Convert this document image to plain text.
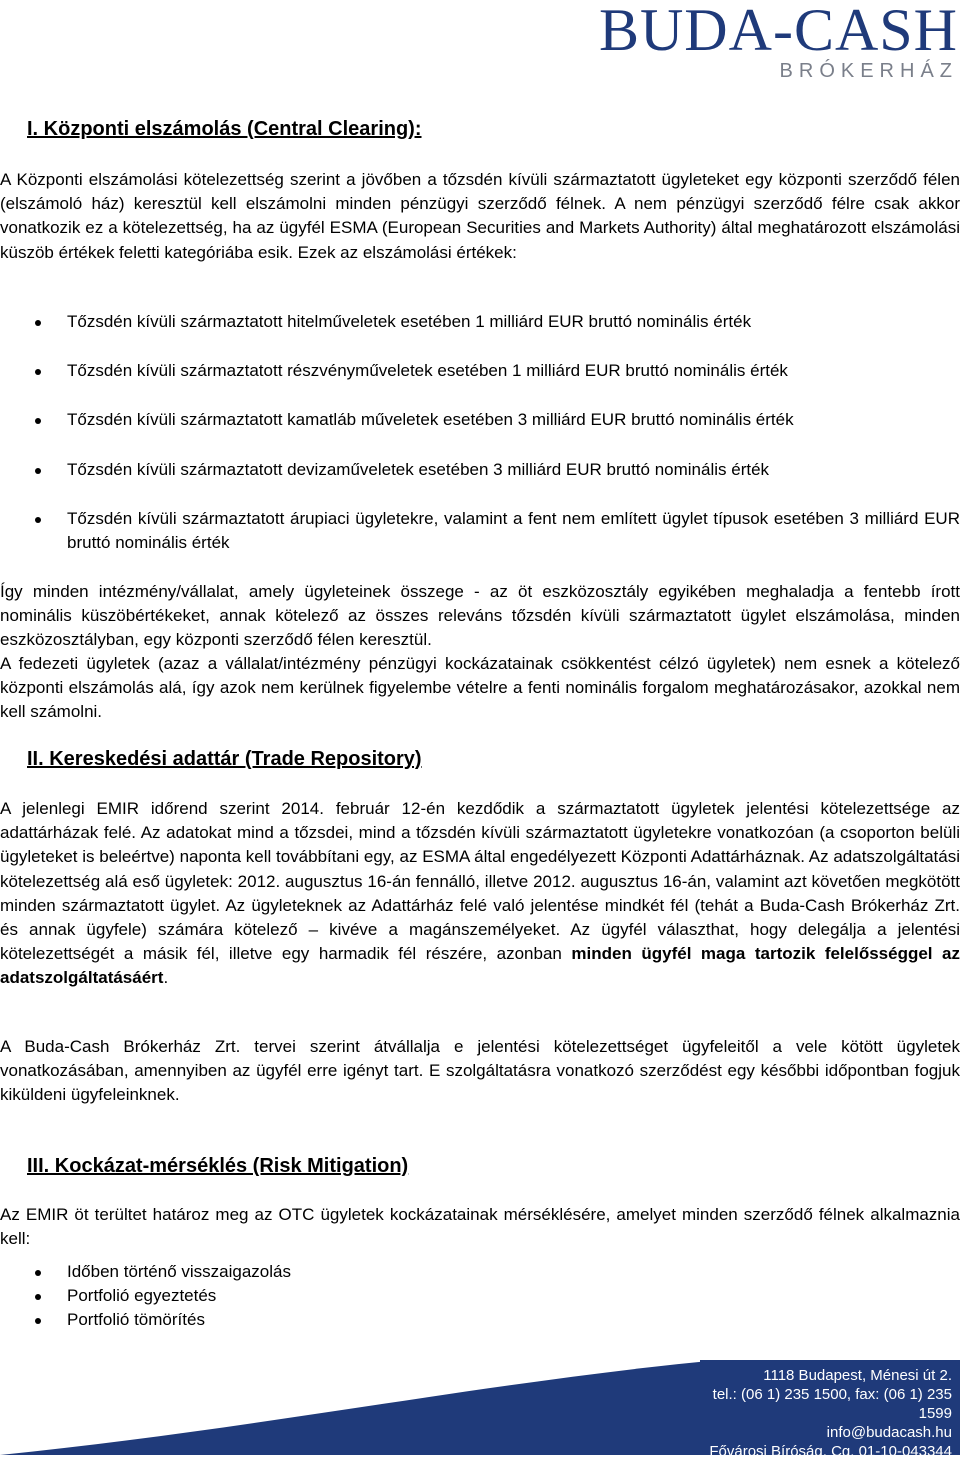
BUDA-CASH
BRÓKERHÁZ
I. Központi elszámolás (Central Clearing):

A Központi elszámolási kötelezettség szerint a jövőben a tőzsdén kívüli származtatott ügyleteket egy központi szerződő félen (elszámoló ház) keresztül kell elszámolni minden pénzügyi szerződő félnek. A nem pénzügyi szerződő félre csak akkor vonatkozik ez a kötelezettség, ha az ügyfél ESMA (European Securities and Markets Authority) által meghatározott elszámolási küszöb értékek feletti kategóriába esik. Ezek az elszámolási értékek:

Tőzsdén kívüli származtatott hitelműveletek esetében 1 milliárd EUR bruttó nominális érték
Tőzsdén kívüli származtatott részvényműveletek esetében 1 milliárd EUR bruttó nominális érték
Tőzsdén kívüli származtatott kamatláb műveletek esetében 3 milliárd EUR bruttó nominális érték
Tőzsdén kívüli származtatott devizaműveletek esetében 3 milliárd EUR bruttó nominális érték
Tőzsdén kívüli származtatott árupiaci ügyletekre, valamint a fent nem említett ügylet típusok esetében 3 milliárd EUR bruttó nominális érték

Így minden intézmény/vállalat, amely ügyleteinek összege - az öt eszközosztály egyikében meghaladja a fentebb írott nominális küszöbértékeket, annak kötelező az összes releváns tőzsdén kívüli származtatott ügylet elszámolása, minden eszközosztályban, egy központi szerződő félen keresztül.

A fedezeti ügyletek (azaz a vállalat/intézmény pénzügyi kockázatainak csökkentést célzó ügyletek) nem esnek a kötelező központi elszámolás alá, így azok nem kerülnek figyelembe vételre a fenti nominális forgalom meghatározásakor, azokkal nem kell számolni.

II. Kereskedési adattár (Trade Repository)

A jelenlegi EMIR időrend szerint 2014. február 12-én kezdődik a származtatott ügyletek jelentési kötelezettsége az adattárházak felé. Az adatokat mind a tőzsdei, mind a tőzsdén kívüli származtatott ügyletekre vonatkozóan (a csoporton belüli ügyleteket is beleértve) naponta kell továbbítani egy, az ESMA által engedélyezett Központi Adattárháznak. Az adatszolgáltatási kötelezettség alá eső ügyletek: 2012. augusztus 16-án fennálló, illetve 2012. augusztus 16-án, valamint azt követően megkötött minden származtatott ügylet. Az ügyleteknek az Adattárház felé való jelentése mindkét fél (tehát a Buda-Cash Brókerház Zrt. és annak ügyfele) számára kötelező – kivéve a magánszemélyeket. Az ügyfél választhat, hogy delegálja a jelentési kötelezettségét a másik fél, illetve egy harmadik fél részére, azonban minden ügyfél maga tartozik felelősséggel az adatszolgáltatásáért.

A Buda-Cash Brókerház Zrt. tervei szerint átvállalja e jelentési kötelezettséget ügyfeleitől a vele kötött ügyletek vonatkozásában, amennyiben az ügyfél erre igényt tart. E szolgáltatásra vonatkozó szerződést egy későbbi időpontban fogjuk kiküldeni ügyfeleinknek.

III. Kockázat-mérséklés (Risk Mitigation)

Az EMIR öt terültet határoz meg az OTC ügyletek kockázatainak mérséklésére, amelyet minden szerződő félnek alkalmaznia kell:

Időben történő visszaigazolás
Portfolió egyeztetés
Portfolió tömörítés
1118 Budapest, Ménesi út 2.
tel.: (06 1) 235 1500, fax: (06 1) 235 1599
info@budacash.hu
Fővárosi Bíróság, Cg. 01-10-043344
